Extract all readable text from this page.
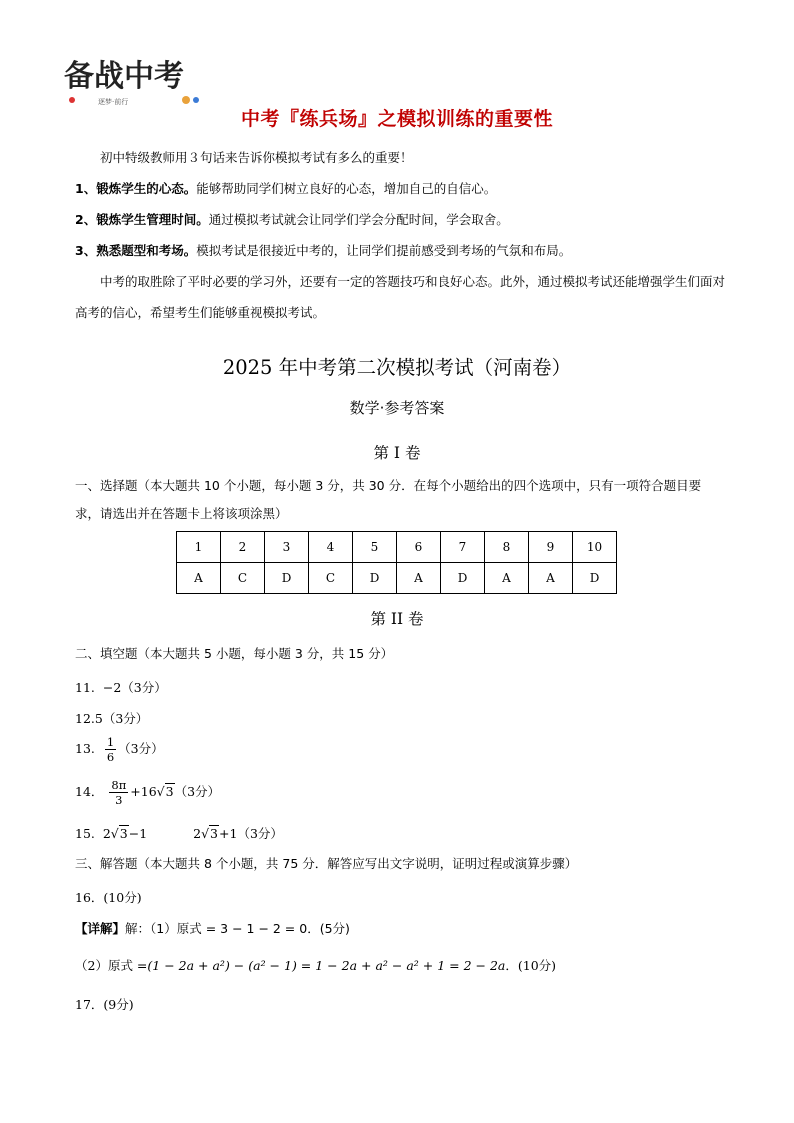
备战中考
逐梦·前行
中考『练兵场』之模拟训练的重要性
初中特级教师用３句话来告诉你模拟考试有多么的重要！
1、锻炼学生的心态。能够帮助同学们树立良好的心态，增加自己的自信心。
2、锻炼学生管理时间。通过模拟考试就会让同学们学会分配时间，学会取舍。
3、熟悉题型和考场。模拟考试是很接近中考的，让同学们提前感受到考场的气氛和布局。
中考的取胜除了平时必要的学习外，还要有一定的答题技巧和良好心态。此外，通过模拟考试还能增强学生们面对高考的信心，希望考生们能够重视模拟考试。
2025 年中考第二次模拟考试（河南卷）
数学·参考答案
第 I 卷
一、选择题（本大题共 10 个小题，每小题 3 分，共 30 分．在每个小题给出的四个选项中，只有一项符合题目要求，请选出并在答题卡上将该项涂黑）
1	2	3	4	5	6	7	8	9	10
A	C	D	C	D	A	D	A	A	D
第 II 卷
二、填空题（本大题共 5 小题，每小题 3 分，共 15 分）
11. −2（3分）
12.5（3分）
13. $\frac{1}{6} (3$分）
14． $\frac{8\pi}{3} +16√3(3$分）
15. 2√3−1	2√3+1（3分）
三、解答题（本大题共 8 个小题，共 75 分．解答应写出文字说明，证明过程或演算步骤）
16．(10分)
【详解】解：（1）原式 = 3 − 1 − 2 = 0．(5分)
（2）原式 =(1 − 2a + a²) − (a² − 1) = 1 − 2a + a² − a² + 1 = 2 − 2a．(10分)
17．(9分)
